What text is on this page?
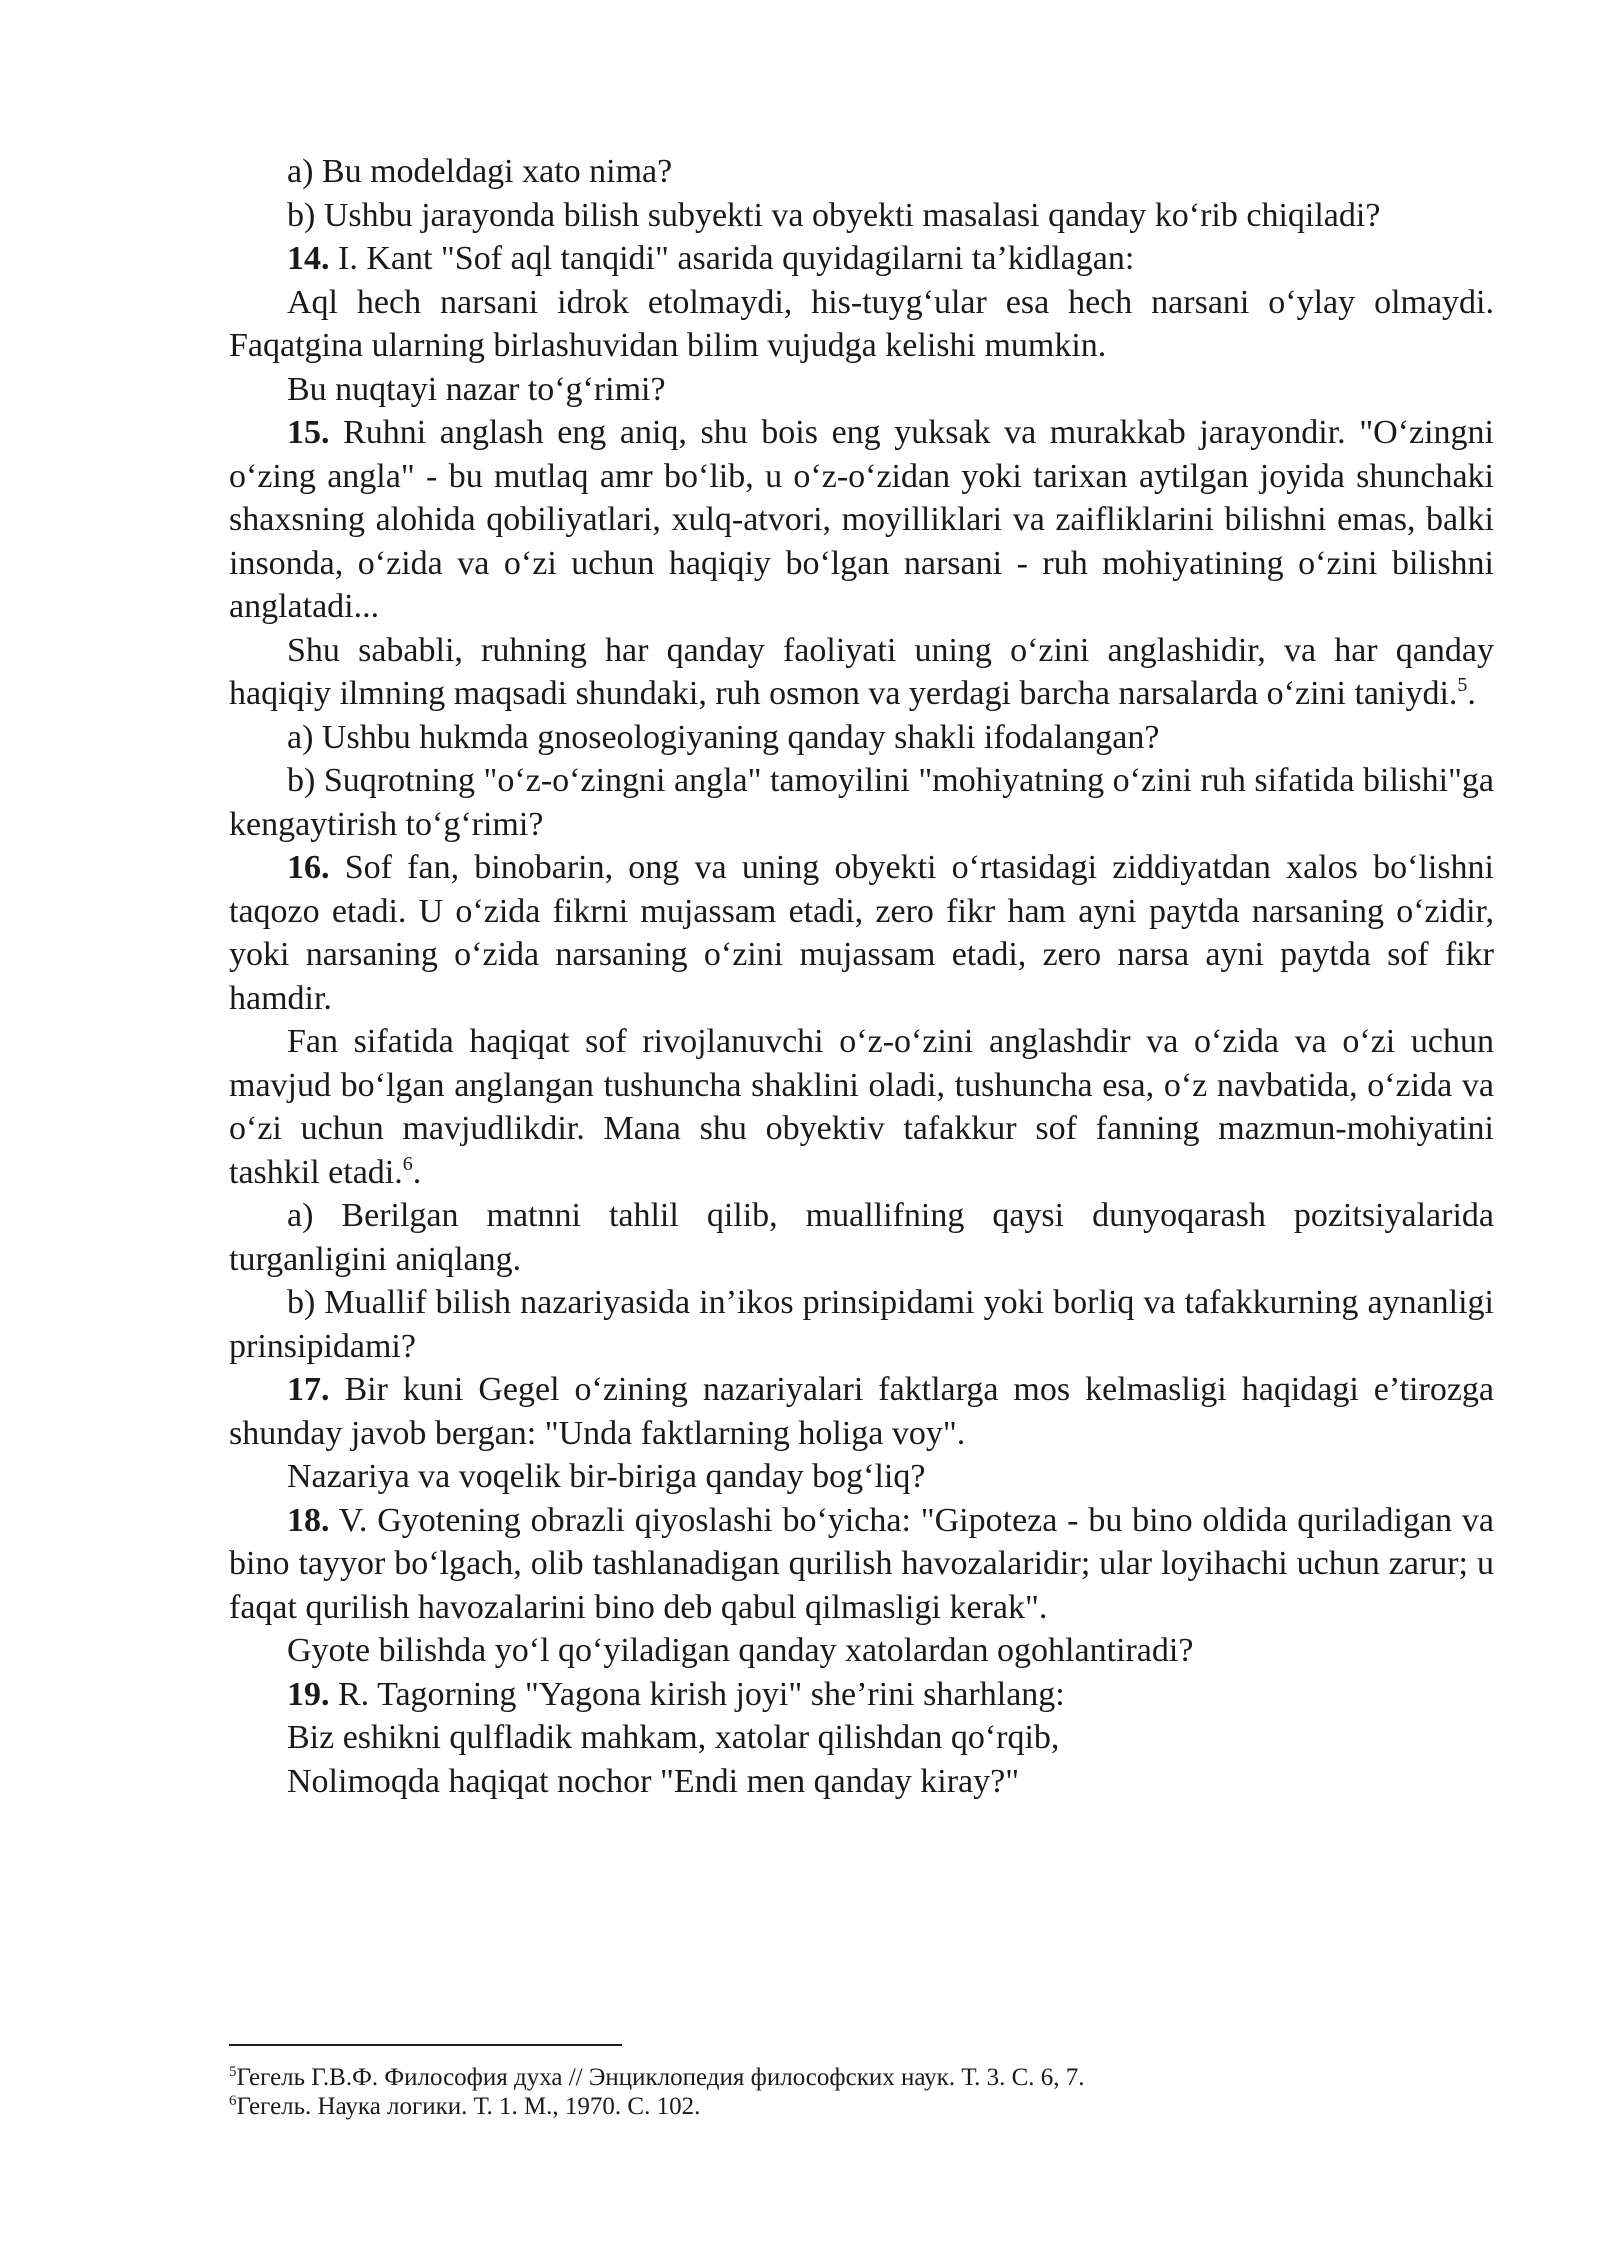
a) Bu modeldagi xato nima?

b) Ushbu jarayonda bilish subyekti va obyekti masalasi qanday ko‘rib chiqiladi?

14. I. Kant "Sof aql tanqidi" asarida quyidagilarni ta’kidlagan:

Aql hech narsani idrok etolmaydi, his-tuyg‘ular esa hech narsani o‘ylay olmaydi. Faqatgina ularning birlashuvidan bilim vujudga kelishi mumkin.

Bu nuqtayi nazar to‘g‘rimi?

15. Ruhni anglash eng aniq, shu bois eng yuksak va murakkab jarayondir. "O‘zingni o‘zing angla" - bu mutlaq amr bo‘lib, u o‘z-o‘zidan yoki tarixan aytilgan joyida shunchaki shaxsning alohida qobiliyatlari, xulq-atvori, moyilliklari va zaifliklarini bilishni emas, balki insonda, o‘zida va o‘zi uchun haqiqiy bo‘lgan narsani - ruh mohiyatining o‘zini bilishni anglatadi...

Shu sababli, ruhning har qanday faoliyati uning o‘zini anglashidir, va har qanday haqiqiy ilmning maqsadi shundaki, ruh osmon va yerdagi barcha narsalarda o‘zini taniydi.$^5$.

a) Ushbu hukmda gnoseologiyaning qanday shakli ifodalangan?

b) Suqrotning "o‘z-o‘zingni angla" tamoyilini "mohiyatning o‘zini ruh sifatida bilishi"ga kengaytirish to‘g‘rimi?

16. Sof fan, binobarin, ong va uning obyekti o‘rtasidagi ziddiyatdan xalos bo‘lishni taqozo etadi. U o‘zida fikrni mujassam etadi, zero fikr ham ayni paytda narsaning o‘zidir, yoki narsaning o‘zida narsaning o‘zini mujassam etadi, zero narsa ayni paytda sof fikr hamdir.

Fan sifatida haqiqat sof rivojlanuvchi o‘z-o‘zini anglashdir va o‘zida va o‘zi uchun mavjud bo‘lgan anglangan tushuncha shaklini oladi, tushuncha esa, o‘z navbatida, o‘zida va o‘zi uchun mavjudlikdir. Mana shu obyektiv tafakkur sof fanning mazmun-mohiyatini tashkil etadi.$^6$.

a) Berilgan matnni tahlil qilib, muallifning qaysi dunyoqarash pozitsiyalarida turganligini aniqlang.

b) Muallif bilish nazariyasida in’ikos prinsipidami yoki borliq va tafakkurning aynanligi prinsipidami?

17. Bir kuni Gegel o‘zining nazariyalari faktlarga mos kelmasligi haqidagi e’tirozga shunday javob bergan: "Unda faktlarning holiga voy".

Nazariya va voqelik bir-biriga qanday bog‘liq?

18. V. Gyotening obrazli qiyoslashi bo‘yicha: "Gipoteza - bu bino oldida quriladigan va bino tayyor bo‘lgach, olib tashlanadigan qurilish havozalaridir; ular loyihachi uchun zarur; u faqat qurilish havozalarini bino deb qabul qilmasligi kerak".

Gyote bilishda yo‘l qo‘yiladigan qanday xatolardan ogohlantiradi?

19. R. Tagorning "Yagona kirish joyi" she’rini sharhlang:

Biz eshikni qulfladik mahkam, xatolar qilishdan qo‘rqib,

Nolimoqda haqiqat nochor "Endi men qanday kiray?"

$^5$Гегель Г.В.Ф. Философия духа // Энциклопедия философских наук. Т. 3. С. 6, 7.

$^6$Гегель. Наука логики. Т. 1. М., 1970. С. 102.
